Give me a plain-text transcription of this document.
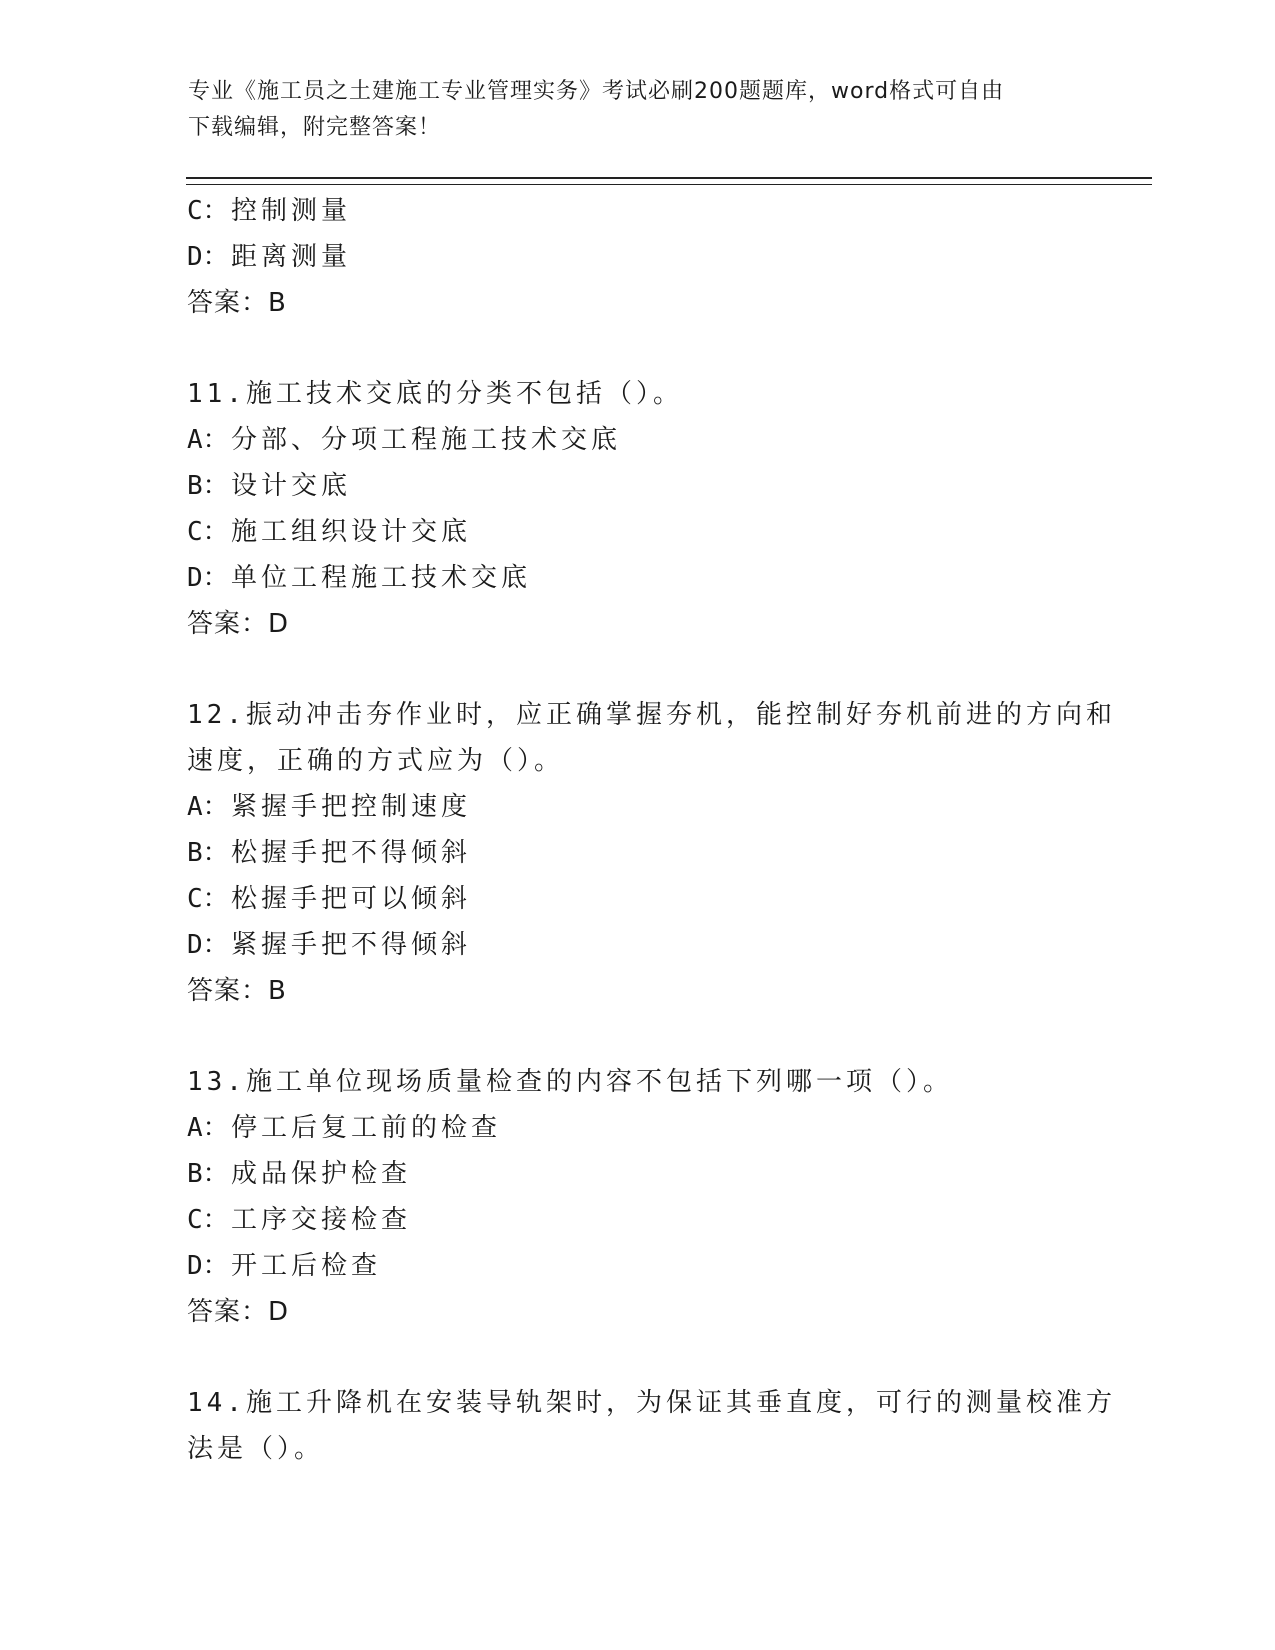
专业《施工员之土建施工专业管理实务》考试必刷200题题库，word格式可自由
下载编辑，附完整答案！
C：控制测量
D：距离测量
答案：B
11.施工技术交底的分类不包括（）。
A：分部、分项工程施工技术交底
B：设计交底
C：施工组织设计交底
D：单位工程施工技术交底
答案：D
12.振动冲击夯作业时，应正确掌握夯机，能控制好夯机前进的方向和
速度，正确的方式应为（）。
A：紧握手把控制速度
B：松握手把不得倾斜
C：松握手把可以倾斜
D：紧握手把不得倾斜
答案：B
13.施工单位现场质量检查的内容不包括下列哪一项（）。
A：停工后复工前的检查
B：成品保护检查
C：工序交接检查
D：开工后检查
答案：D
14.施工升降机在安装导轨架时，为保证其垂直度，可行的测量校准方
法是（）。
